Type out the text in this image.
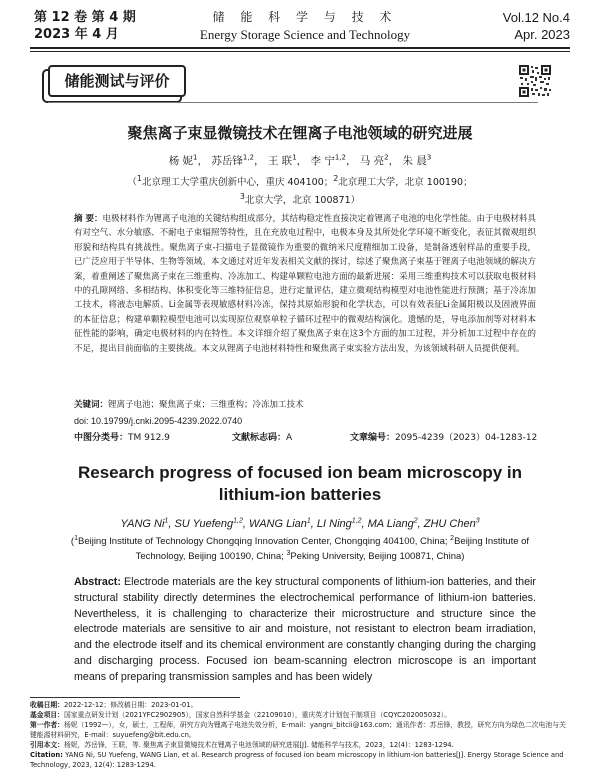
第 12 卷 第 4 期
2023 年 4 月
储 能 科 学 与 技 术
Energy Storage Science and Technology
Vol.12 No.4
Apr. 2023
储能测试与评价
聚焦离子束显微镜技术在锂离子电池领域的研究进展
杨 妮$^1$， 苏岳锋$^{1,2}$， 王 联$^1$， 李 宁$^{1,2}$， 马 亮$^2$， 朱 晨$^3$
（$^1$北京理工大学重庆创新中心，重庆 404100；$^2$北京理工大学，北京 100190；
$^3$北京大学，北京 100871）
摘 要：电极材料作为锂离子电池的关键结构组成部分，其结构稳定性直接决定着锂离子电池的电化学性能。由于电极材料具有对空气、水分敏感、不耐电子束辐照等特性，且在充放电过程中，电极本身及其所处化学环境不断变化，表征其微观组织形貌和结构具有挑战性。聚焦离子束-扫描电子显微镜作为重要的微纳米尺度精细加工设备，是制备透射样品的重要手段，已广泛应用于半导体、生物等领域。本文通过对近年发表相关文献的探讨，综述了聚焦离子束基于锂离子电池领域的解决方案，着重阐述了聚焦离子束在三维重构、冷冻加工、构建单颗粒电池方面的最新进展：采用三维重构技术可以获取电极材料中的孔隙网络、多相结构、体积变化等三维特征信息，进行定量评估，建立微观结构模型对电池性能进行预测；基于冷冻加工技术，将液态电解质、Li金属等表现敏感材料冷冻，保持其原始形貌和化学状态，可以有效表征Li金属阳极以及固液界面的本征信息；构建单颗粒模型电池可以实现原位观察单粒子循环过程中的微观结构演化。遗憾的是，导电添加剂等对材料本征性能的影响，确定电极材料的内在特性。本文详细介绍了聚焦离子束在这3个方面的加工过程，并分析加工过程中存在的不足，提出目前面临的主要挑战。本文从锂离子电池材料特性和聚焦离子束实验方法出发，为该领域科研人员提供便利。
关键词：锂离子电池；聚焦离子束；三维重构；冷冻加工技术
doi: 10.19799/j.cnki.2095-4239.2022.0740
中图分类号：TM 912.9	文献标志码：A	文章编号：2095-4239（2023）04-1283-12
Research progress of focused ion beam microscopy in lithium-ion batteries
YANG Ni$^1$, SU Yuefeng$^{1,2}$, WANG Lian$^1$, LI Ning$^{1,2}$, MA Liang$^2$, ZHU Chen$^3$
($^1$Beijing Institute of Technology Chongqing Innovation Center, Chongqing 404100, China; $^2$Beijing Institute of Technology, Beijing 100190, China; $^3$Peking University, Beijing 100871, China)
Abstract: Electrode materials are the key structural components of lithium-ion batteries, and their structural stability directly determines the electrochemical performance of lithium-ion batteries. Nevertheless, it is challenging to characterize their microstructure and structure since the electrode materials are sensitive to air and moisture, not resistant to electron beam irradiation, and the electrode itself and its chemical environment are constantly changing during the charging and discharging process. Focused ion beam-scanning electron microscope is an important means of preparing transmission samples and has been widely

收稿日期：2022-12-12；修改稿日期：2023-01-01。

基金项目：国家重点研发计划（2021YFC2902905），国家自然科学基金（22109010），重庆英才计划包干制项目（CQYC202005032）。

第一作者：杨妮（1992—），女，硕士，工程师，研究方向为锂离子电池失效分析，E-mail：yangni_bitcii@163.com；通讯作者：苏岳锋，教授，研究方向为绿色二次电池与关键能源材料研究，E-mail：suyuefeng@bit.edu.cn。

引用本文：杨妮，苏岳锋，王联，等. 聚焦离子束显微镜技术在锂离子电池领域的研究进展[J]. 储能科学与技术，2023，12(4)：1283-1294.

Citation: YANG Ni, SU Yuefeng, WANG Lian, et al. Research progress of focused ion beam microscopy in lithium-ion batteries[J]. Energy Storage Science and Technology, 2023, 12(4): 1283-1294.
